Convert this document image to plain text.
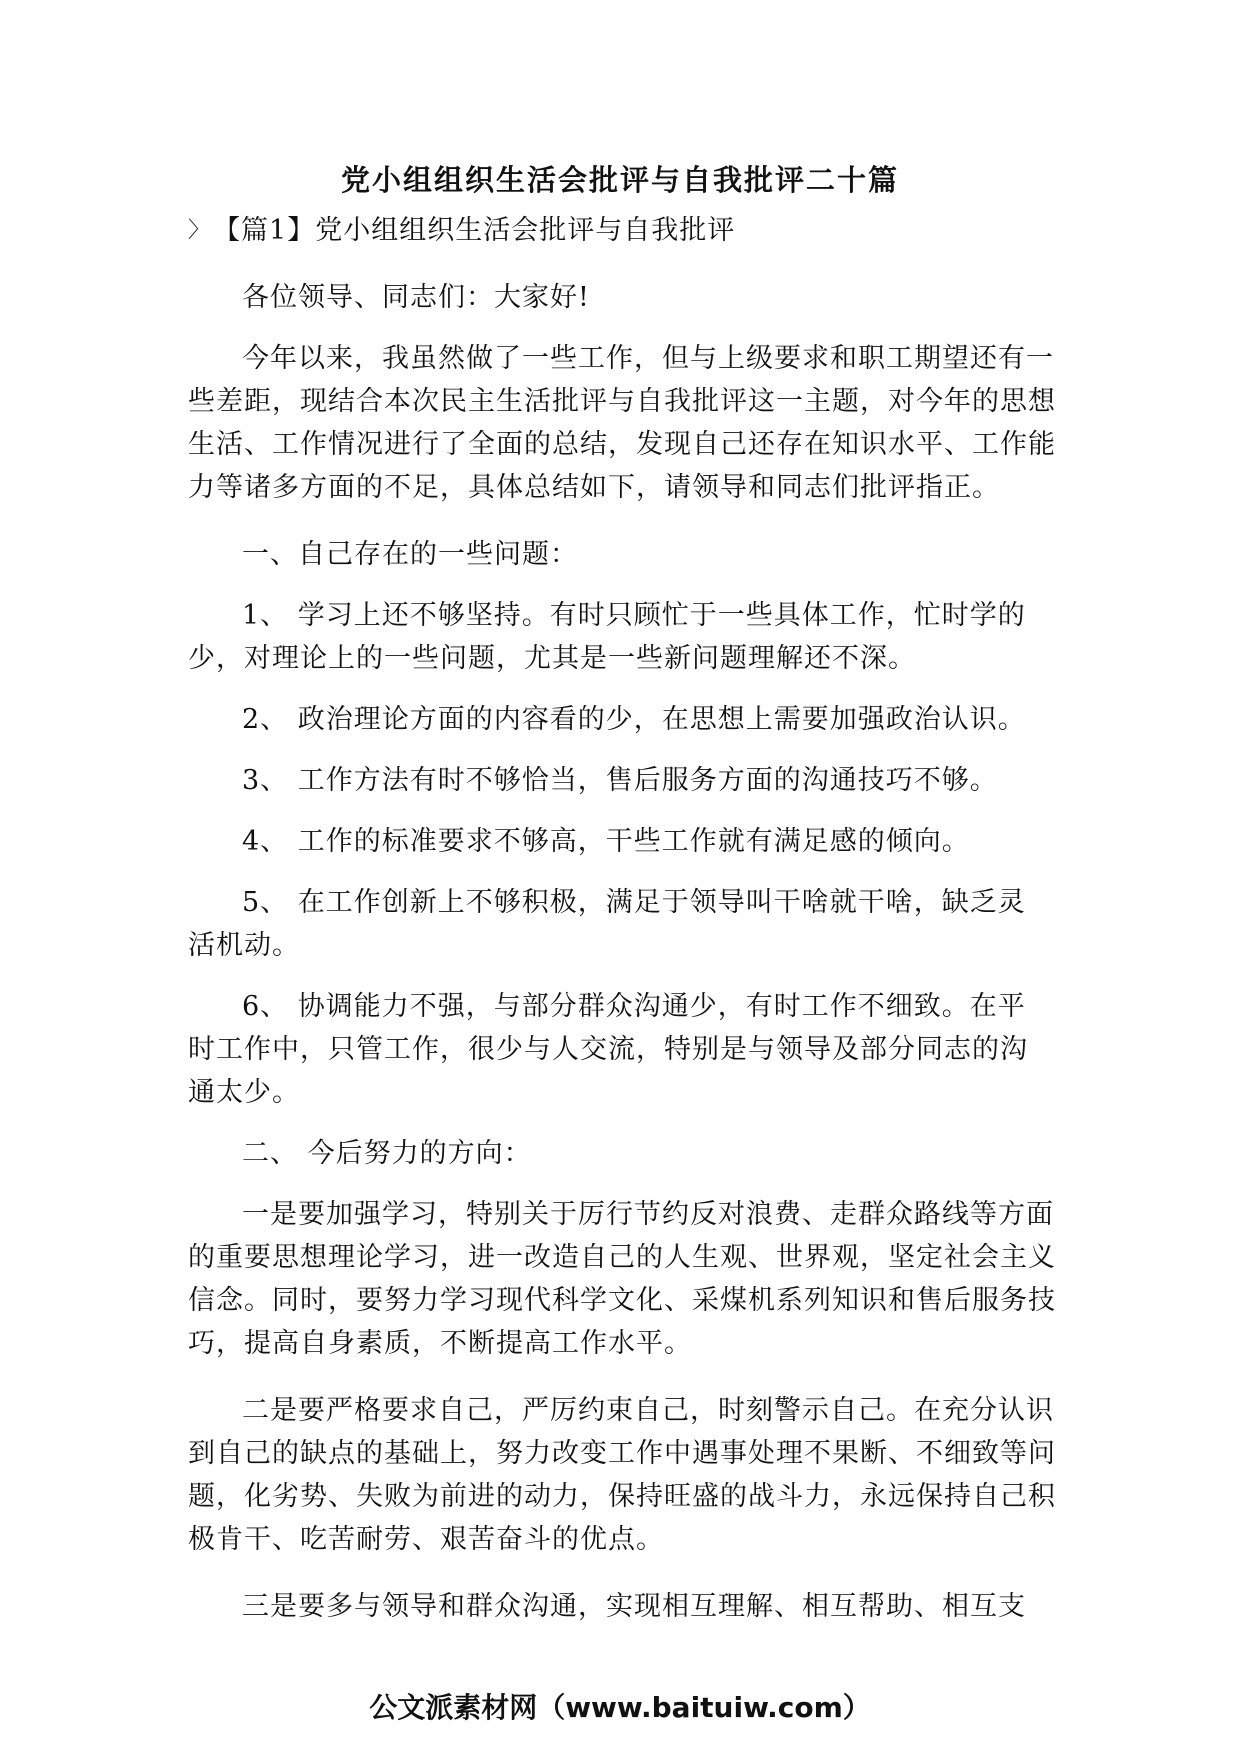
党小组组织生活会批评与自我批评二十篇
〉【篇1】党小组组织生活会批评与自我批评

各位领导、同志们：大家好!

今年以来，我虽然做了一些工作，但与上级要求和职工期望还有一些差距，现结合本次民主生活批评与自我批评这一主题，对今年的思想生活、工作情况进行了全面的总结，发现自己还存在知识水平、工作能力等诸多方面的不足，具体总结如下，请领导和同志们批评指正。

一、自己存在的一些问题：

1、 学习上还不够坚持。有时只顾忙于一些具体工作，忙时学的 少，对理论上的一些问题，尤其是一些新问题理解还不深。

2、 政治理论方面的内容看的少，在思想上需要加强政治认识。

3、 工作方法有时不够恰当，售后服务方面的沟通技巧不够。

4、 工作的标准要求不够高，干些工作就有满足感的倾向。

5、 在工作创新上不够积极，满足于领导叫干啥就干啥，缺乏灵 活机动。

6、 协调能力不强，与部分群众沟通少，有时工作不细致。在平 时工作中，只管工作，很少与人交流，特别是与领导及部分同志的沟 通太少。

二、 今后努力的方向：

一是要加强学习，特别关于厉行节约反对浪费、走群众路线等方面的重要思想理论学习，进一改造自己的人生观、世界观，坚定社会主义信念。同时，要努力学习现代科学文化、采煤机系列知识和售后服务技巧，提高自身素质，不断提高工作水平。

二是要严格要求自己，严厉约束自己，时刻警示自己。在充分认识到自己的缺点的基础上，努力改变工作中遇事处理不果断、不细致等问题，化劣势、失败为前进的动力，保持旺盛的战斗力，永远保持自己积极肯干、吃苦耐劳、艰苦奋斗的优点。

三是要多与领导和群众沟通，实现相互理解、相互帮助、相互支

公文派素材网（www.baituiw.com）
